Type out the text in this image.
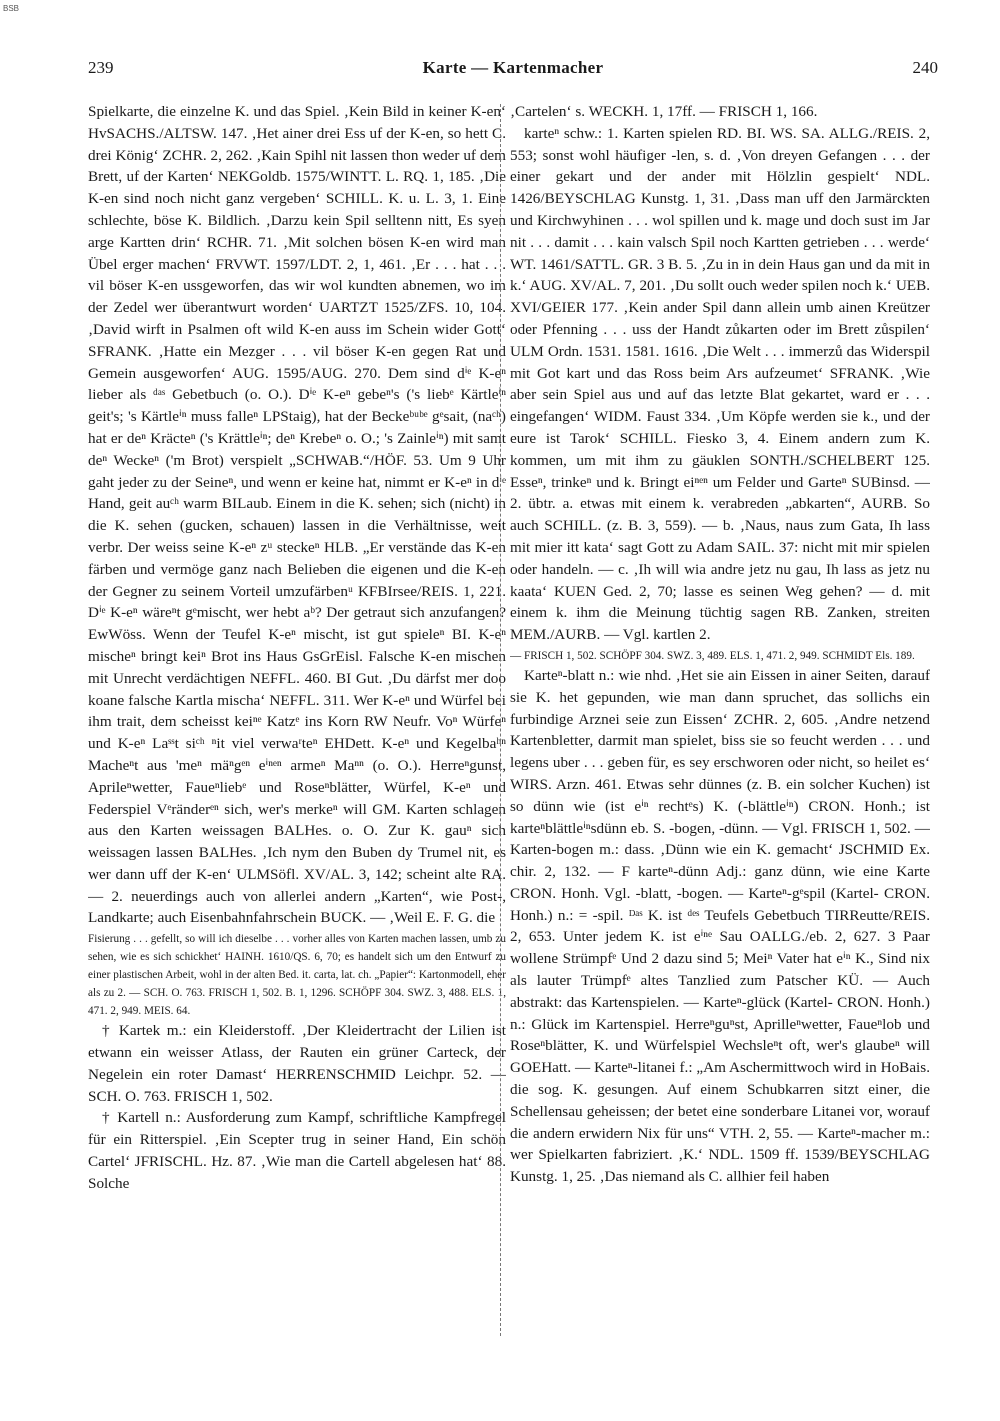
BSB
239	Karte — Kartenmacher	240

Spielkarte, die einzelne K. und das Spiel. ‚Kein Bild in keiner K-en‘ HvSACHS./ALTSW. 147. ‚Het ainer drei Ess uf der K-en, so hett C. drei König‘ ZCHR. 2, 262. ‚Kain Spihl nit lassen thon weder uf dem Brett, uf der Karten‘ NEKGoldb. 1575/WINTT. L. RQ. 1, 185. ‚Die K-en sind noch nicht ganz vergeben‘ SCHILL. K. u. L. 3, 1. Eine schlechte, böse K. Bildlich. ‚Darzu kein Spil selltenn nitt, Es syen arge Kartten drin‘ RCHR. 71. ‚Mit solchen bösen K-en wird man Übel erger machen‘ FRVWT. 1597/LDT. 2, 1, 461. ‚Er . . . hat . . . vil böser K-en ussgeworfen, das wir wol kundten abnemen, wo im der Zedel wer überantwurt worden‘ UARTZT 1525/ZFS. 10, 104. ‚David wirft in Psalmen oft wild K-en auss im Schein wider Gott‘ SFRANK. ‚Hatte ein Mezger . . . vil böser K-en gegen Rat und Gemein ausgeworfen‘ AUG. 1595/AUG. 270. Dem sind dⁱᵉ K-eⁿ lieber als ᵈᵃˢ Gebetbuch (o. O.). Dⁱᵉ K-eⁿ gebeⁿ's ('s liebᵉ Kärtleⁱⁿ geit's; 's Kärtleⁱⁿ muss falleⁿ LPStaig), hat der Beckeᵇᵘᵇᵉ gᵉsait, (naᶜʰ) hat er deⁿ Kräcteⁿ ('s Krättleⁱⁿ; deⁿ Krebeⁿ o. O.; 's Zainleⁱⁿ) mit samt deⁿ Weckeⁿ ('m Brot) verspielt „SCHWAB.“/HÖF. 53. Um 9 Uhr gaht jeder zu der Seineⁿ, und wenn er keine hat, nimmt er K-eⁿ in dⁱᵉ Hand, geit auᶜʰ warm BILaub. Einem in die K. sehen; sich (nicht) in die K. sehen (gucken, schauen) lassen in die Verhältnisse, weit verbr. Der weiss seine K-eⁿ zᵘ steckeⁿ HLB. „Er verstände das K-en färben und vermöge ganz nach Belieben die eigenen und die K-en der Gegner zu seinem Vorteil umzufärbenᵘ KFBIrsee/REIS. 1, 221. Dⁱᵉ K-eⁿ wäreⁿt gᵉmischt, wer hebt aᵇ? Der getraut sich anzufangen? EwWöss. Wenn der Teufel K-eⁿ mischt, ist gut spieleⁿ BI. K-eⁿ mischeⁿ bringt keiⁿ Brot ins Haus GsGrEisl. Falsche K-en mischen mit Unrecht verdächtigen NEFFL. 460. BI Gut. ‚Du därfst mer doo koane falsche Kartla mischa‘ NEFFL. 311. Wer K-eⁿ und Würfel bei ihm trait, dem scheisst keiⁿᵉ Katzᵉ ins Korn RW Neufr. Voⁿ Würfeⁿ und K-eⁿ Laˢˢt siᶜʰ ⁿit viel verwaʳteⁿ EHDett. K-eⁿ und Kegelbaʰⁿ Macheⁿt aus 'meⁿ mäⁿgᵉⁿ eⁱⁿᵉⁿ armeⁿ Maⁿⁿ (o. O.). Herreⁿgunst, Aprileⁿwetter, Faueⁿliebᵉ und Roseⁿblätter, Würfel, K-eⁿ und Federspiel Vᵉränderᵉⁿ sich, wer's merkeⁿ will GM. Karten schlagen aus den Karten weissagen BALHes. o. O. Zur K. gauⁿ sich weissagen lassen BALHes. ‚Ich nym den Buben dy Trumel nit, es wer dann uff der K-en‘ ULMSöfl. XV/AL. 3, 142; scheint alte RA. — 2. neuerdings auch von allerlei andern „Karten“, wie Post-, Landkarte; auch Eisenbahnfahrschein BUCK. — ‚Weil E. F. G. die

Fisierung . . . gefellt, so will ich dieselbe . . . vorher alles von Karten machen lassen, umb zu sehen, wie es sich schickhet‘ HAINH. 1610/QS. 6, 70; es handelt sich um den Entwurf zu einer plastischen Arbeit, wohl in der alten Bed. it. carta, lat. ch. „Papier“: Kartonmodell, eher als zu 2. — SCH. O. 763. FRISCH 1, 502. B. 1, 1296. SCHÖPF 304. SWZ. 3, 488. ELS. 1, 471. 2, 949. MEIS. 64.

† Kartek m.: ein Kleiderstoff. ‚Der Kleidertracht der Lilien ist etwann ein weisser Atlass, der Rauten ein grüner Carteck, der Negelein ein roter Damast‘ HERRENSCHMID Leichpr. 52. — SCH. O. 763. FRISCH 1, 502.

† Kartell n.: Ausforderung zum Kampf, schriftliche Kampfregel für ein Ritterspiel. ‚Ein Scepter trug in seiner Hand, Ein schön Cartel‘ JFRISCHL. Hz. 87. ‚Wie man die Cartell abgelesen hat‘ 88. Solche

‚Cartelen‘ s. WECKH. 1, 17ff. — FRISCH 1, 166.

karteⁿ schw.: 1. Karten spielen RD. BI. WS. SA. ALLG./REIS. 2, 553; sonst wohl häufiger -len, s. d. ‚Von dreyen Gefangen . . . der einer gekart und der ander mit Hölzlin gespielt‘ NDL. 1426/BEYSCHLAG Kunstg. 1, 31. ‚Dass man uff den Jarmärckten und Kirchwyhinen . . . wol spillen und k. mage und doch sust im Jar nit . . . damit . . . kain valsch Spil noch Kartten getrieben . . . werde‘ WT. 1461/SATTL. GR. 3 B. 5. ‚Zu in in dein Haus gan und da mit in k.‘ AUG. XV/AL. 7, 201. ‚Du sollt ouch weder spilen noch k.‘ UEB. XVI/GEIER 177. ‚Kein ander Spil dann allein umb ainen Kreützer oder Pfenning . . . uss der Handt zůkarten oder im Brett zůspilen‘ ULM Ordn. 1531. 1581. 1616. ‚Die Welt . . . immerzů das Widerspil mit Got kart und das Ross beim Ars aufzeumet‘ SFRANK. ‚Wie aber sein Spiel aus und auf das letzte Blat gekartet, ward er . . . eingefangen‘ WIDM. Faust 334. ‚Um Köpfe werden sie k., und der eure ist Tarok‘ SCHILL. Fiesko 3, 4. Einem andern zum K. kommen, um mit ihm zu gäuklen SONTH./SCHELBERT 125. Esseⁿ, trinkeⁿ und k. Bringt eiⁿᵉⁿ um Felder und Garteⁿ SUBinsd. — 2. übtr. a. etwas mit einem k. verabreden „abkarten“, AURB. So auch SCHILL. (z. B. 3, 559). — b. ‚Naus, naus zum Gata, Ih lass mit mier itt kata‘ sagt Gott zu Adam SAIL. 37: nicht mit mir spielen oder handeln. — c. ‚Ih will wia andre jetz nu gau, Ih lass as jetz nu kaata‘ KUEN Ged. 2, 70; lasse es seinen Weg gehen? — d. mit einem k. ihm die Meinung tüchtig sagen RB. Zanken, streiten MEM./AURB. — Vgl. kartlen 2.

— FRISCH 1, 502. SCHÖPF 304. SWZ. 3, 489. ELS. 1, 471. 2, 949. SCHMIDT Els. 189.

Karteⁿ-blatt n.: wie nhd. ‚Het sie ain Eissen in ainer Seiten, darauf sie K. het gepunden, wie man dann spruchet, das sollichs ein furbindige Arznei seie zun Eissen‘ ZCHR. 2, 605. ‚Andre netzend Kartenbletter, darmit man spielet, biss sie so feucht werden . . . und legens uber . . . geben für, es sey erschworen oder nicht, so heilet es‘ WIRS. Arzn. 461. Etwas sehr dünnes (z. B. ein solcher Kuchen) ist so dünn wie (ist eⁱⁿ rechtᵉs) K. (-blättleⁱⁿ) CRON. Honh.; ist karteⁿblättleⁱⁿsdünn eb. S. -bogen, -dünn. — Vgl. FRISCH 1, 502. — Karten-bogen m.: dass. ‚Dünn wie ein K. gemacht‘ JSCHMID Ex. chir. 2, 132. — F karteⁿ-dünn Adj.: ganz dünn, wie eine Karte CRON. Honh. Vgl. -blatt, -bogen. — Karteⁿ-gᵉspil (Kartel- CRON. Honh.) n.: = -spil. ᴰᵃˢ K. ist ᵈᵉˢ Teufels Gebetbuch TIRReutte/REIS. 2, 653. Unter jedem K. ist eⁱⁿᵉ Sau OALLG./eb. 2, 627. 3 Paar wollene Strümpfᵉ Und 2 dazu sind 5; Meiⁿ Vater hat eⁱⁿ K., Sind nix als lauter Trümpfᵉ altes Tanzlied zum Patscher KÜ. — Auch abstrakt: das Kartenspielen. — Karteⁿ-glück (Kartel- CRON. Honh.) n.: Glück im Kartenspiel. Herreⁿguⁿst, Aprilleⁿwetter, Faueⁿlob und Roseⁿblätter, K. und Würfelspiel Wechsleⁿt oft, wer's glaubeⁿ will GOEHatt. — Karteⁿ-litanei f.: „Am Aschermittwoch wird in HoBais. die sog. K. gesungen. Auf einem Schubkarren sitzt einer, die Schellensau geheissen; der betet eine sonderbare Litanei vor, worauf die andern erwidern Nix für uns“ VTH. 2, 55. — Karteⁿ-macher m.: wer Spielkarten fabriziert. ‚K.‘ NDL. 1509 ff. 1539/BEYSCHLAG Kunstg. 1, 25. ‚Das niemand als C. allhier feil haben
